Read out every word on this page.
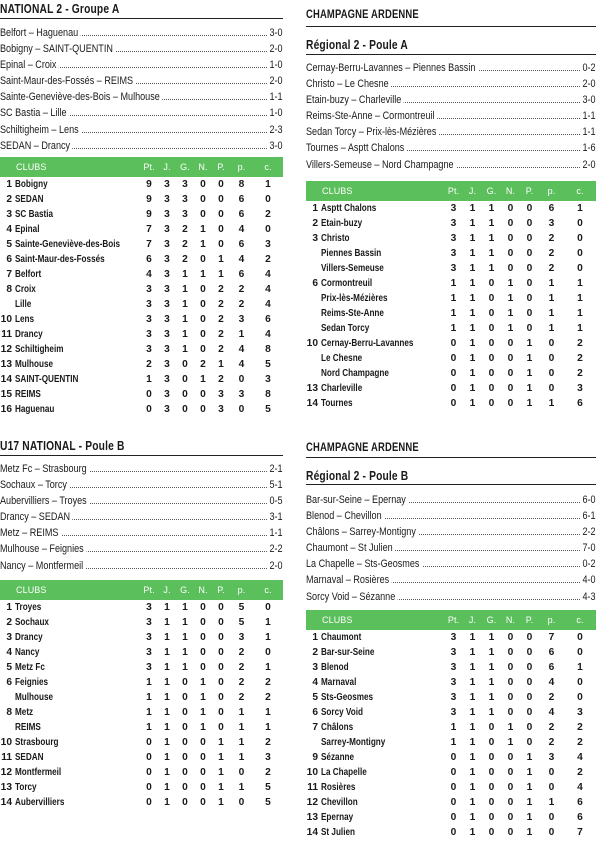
NATIONAL 2 - Groupe A
Belfort – Haguenau	3-0
Bobigny – SAINT-QUENTIN	2-0
Epinal – Croix	1-0
Saint-Maur-des-Fossés – REIMS	2-0
Sainte-Geneviève-des-Bois – Mulhouse	1-1
SC Bastia – Lille	1-0
Schiltigheim – Lens	2-3
SEDAN – Drancy	3-0
CLUBS		Pt.	J.	G.	N.	P.	p.	c.
1	Bobigny	9	3	3	0	0	8	1
2	SEDAN	9	3	3	0	0	6	0
3	SC Bastia	9	3	3	0	0	6	2
4	Epinal	7	3	2	1	0	4	0
5	Sainte-Geneviève-des-Bois	7	3	2	1	0	6	3
6	Saint-Maur-des-Fossés	6	3	2	0	1	4	2
7	Belfort	4	3	1	1	1	6	4
8	Croix	3	3	1	0	2	2	4
	Lille	3	3	1	0	2	2	4
10	Lens	3	3	1	0	2	3	6
11	Drancy	3	3	1	0	2	1	4
12	Schiltigheim	3	3	1	0	2	4	8
13	Mulhouse	2	3	0	2	1	4	5
14	SAINT-QUENTIN	1	3	0	1	2	0	3
15	REIMS	0	3	0	0	3	3	8
16	Haguenau	0	3	0	0	3	0	5
U17 NATIONAL - Poule B
Metz Fc – Strasbourg	2-1
Sochaux – Torcy	5-1
Aubervilliers – Troyes	0-5
Drancy – SEDAN	3-1
Metz – REIMS	1-1
Mulhouse – Feignies	2-2
Nancy – Montfermeil	2-0
CLUBS		Pt.	J.	G.	N.	P.	p.	c.
1	Troyes	3	1	1	0	0	5	0
2	Sochaux	3	1	1	0	0	5	1
3	Drancy	3	1	1	0	0	3	1
4	Nancy	3	1	1	0	0	2	0
5	Metz Fc	3	1	1	0	0	2	1
6	Feignies	1	1	0	1	0	2	2
	Mulhouse	1	1	0	1	0	2	2
8	Metz	1	1	0	1	0	1	1
	REIMS	1	1	0	1	0	1	1
10	Strasbourg	0	1	0	0	1	1	2
11	SEDAN	0	1	0	0	1	1	3
12	Montfermeil	0	1	0	0	1	0	2
13	Torcy	0	1	0	0	1	1	5
14	Aubervilliers	0	1	0	0	1	0	5
CHAMPAGNE ARDENNE
Régional 2 - Poule A
Cernay-Berru-Lavannes – Piennes Bassin	0-2
Christo – Le Chesne	2-0
Etain-buzy – Charleville	3-0
Reims-Ste-Anne – Cormontreuil	1-1
Sedan Torcy – Prix-lès-Mézières	1-1
Tournes – Asptt Chalons	1-6
Villers-Semeuse – Nord Champagne	2-0
CLUBS		Pt.	J.	G.	N.	P.	p.	c.
1	Asptt Chalons	3	1	1	0	0	6	1
2	Etain-buzy	3	1	1	0	0	3	0
3	Christo	3	1	1	0	0	2	0
	Piennes Bassin	3	1	1	0	0	2	0
	Villers-Semeuse	3	1	1	0	0	2	0
6	Cormontreuil	1	1	0	1	0	1	1
	Prix-lès-Mézières	1	1	0	1	0	1	1
	Reims-Ste-Anne	1	1	0	1	0	1	1
	Sedan Torcy	1	1	0	1	0	1	1
10	Cernay-Berru-Lavannes	0	1	0	0	1	0	2
	Le Chesne	0	1	0	0	1	0	2
	Nord Champagne	0	1	0	0	1	0	2
13	Charleville	0	1	0	0	1	0	3
14	Tournes	0	1	0	0	1	1	6
CHAMPAGNE ARDENNE
Régional 2 - Poule B
Bar-sur-Seine – Epernay	6-0
Blenod – Chevillon	6-1
Châlons – Sarrey-Montigny	2-2
Chaumont – St Julien	7-0
La Chapelle – Sts-Geosmes	0-2
Marnaval – Rosières	4-0
Sorcy Void – Sézanne	4-3
CLUBS		Pt.	J.	G.	N.	P.	p.	c.
1	Chaumont	3	1	1	0	0	7	0
2	Bar-sur-Seine	3	1	1	0	0	6	0
3	Blenod	3	1	1	0	0	6	1
4	Marnaval	3	1	1	0	0	4	0
5	Sts-Geosmes	3	1	1	0	0	2	0
6	Sorcy Void	3	1	1	0	0	4	3
7	Châlons	1	1	0	1	0	2	2
	Sarrey-Montigny	1	1	0	1	0	2	2
9	Sézanne	0	1	0	0	1	3	4
10	La Chapelle	0	1	0	0	1	0	2
11	Rosières	0	1	0	0	1	0	4
12	Chevillon	0	1	0	0	1	1	6
13	Epernay	0	1	0	0	1	0	6
14	St Julien	0	1	0	0	1	0	7
